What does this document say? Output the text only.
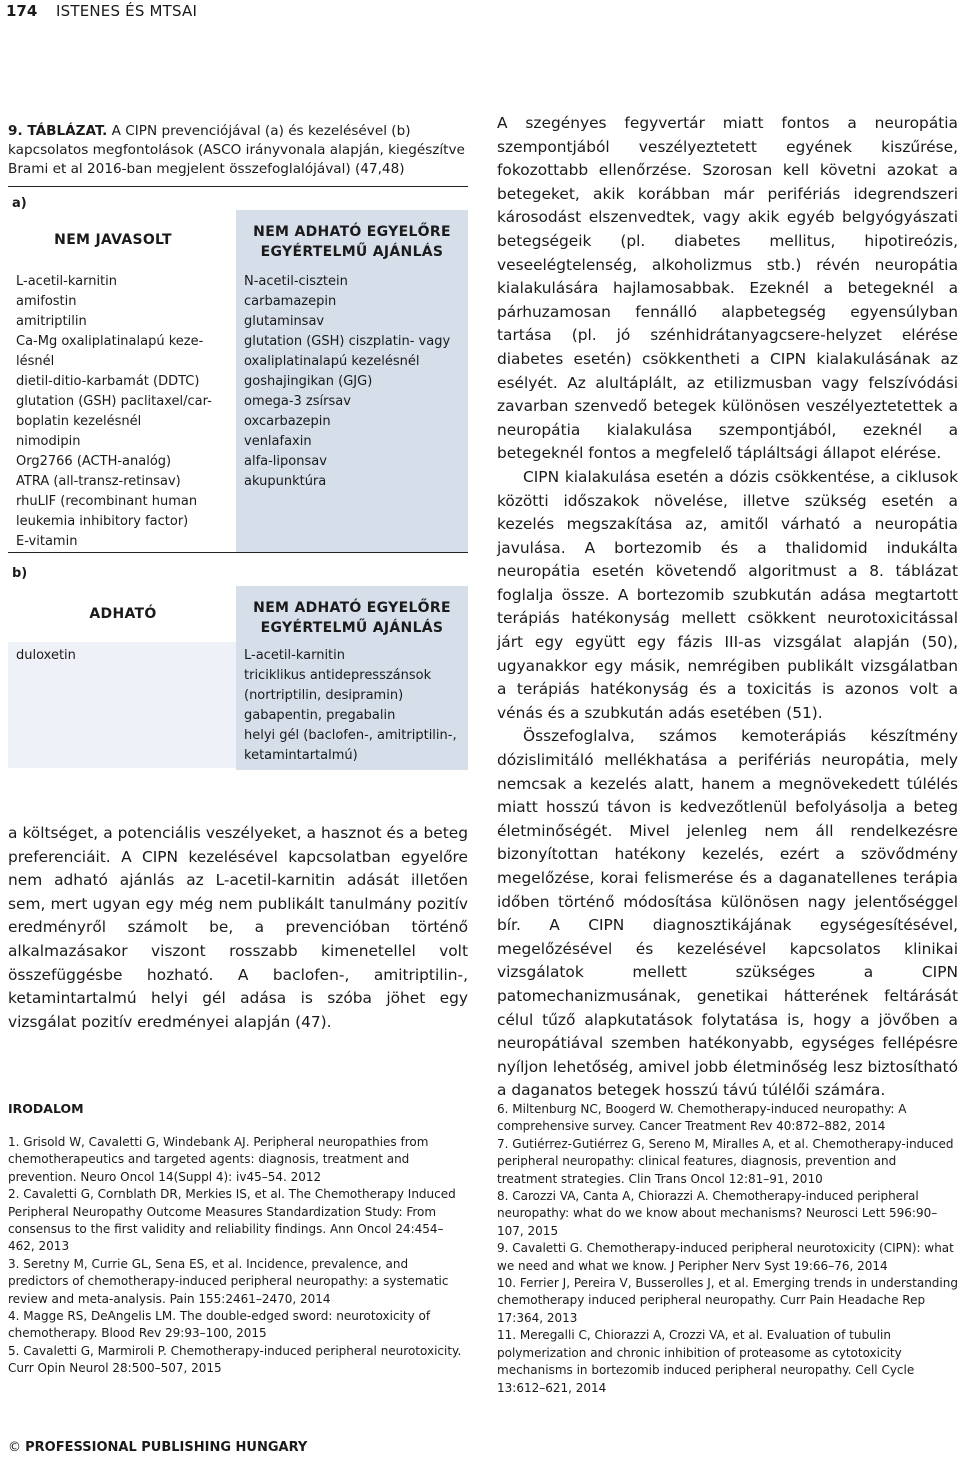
174 ISTENES ÉS MTSAI
9. TÁBLÁZAT. A CIPN prevenciójával (a) és kezelésével (b) kapcsolatos megfontolások (ASCO irányvonala alapján, kiegészítve Brami et al 2016-ban megjelent összefoglalójával) (47,48)
a)
NEM JAVASOLT
L-acetil-karnitin
amifostin
amitriptilin
Ca-Mg oxaliplatinalapú keze-
lésnél
dietil-ditio-karbamát (DDTC)
glutation (GSH) paclitaxel/car-
boplatin kezelésnél
nimodipin
Org2766 (ACTH-analóg)
ATRA (all-transz-retinsav)
rhuLIF (recombinant human
leukemia inhibitory factor)
E-vitamin
NEM ADHATÓ EGYELŐRE EGYÉRTELMŰ AJÁNLÁS
N-acetil-cisztein
carbamazepin
glutaminsav
glutation (GSH) ciszplatin- vagy
oxaliplatinalapú kezelésnél
goshajingikan (GJG)
omega-3 zsírsav
oxcarbazepin
venlafaxin
alfa-liponsav
akupunktúra
b)
ADHATÓ
duloxetin
NEM ADHATÓ EGYELŐRE EGYÉRTELMŰ AJÁNLÁS
L-acetil-karnitin
triciklikus antidepresszánsok
(nortriptilin, desipramin)
gabapentin, pregabalin
helyi gél (baclofen-, amitriptilin-,
ketamintartalmú)

a költséget, a potenciális veszélyeket, a hasznot és a beteg preferenciáit. A CIPN kezelésével kapcsolatban egyelőre nem adható ajánlás az L-acetil-karnitin adását illetően sem, mert ugyan egy még nem publikált tanulmány pozitív eredményről számolt be, a prevencióban történő alkalmazásakor viszont rosszabb kimenetellel volt összefüggésbe hozható. A baclofen-, amitriptilin-, ketamintartalmú helyi gél adása is szóba jöhet egy vizsgálat pozitív eredményei alapján (47).

A szegényes fegyvertár miatt fontos a neuropátia szempontjából veszélyeztetett egyének kiszűrése, fokozottabb ellenőrzése. Szorosan kell követni azokat a betegeket, akik korábban már perifériás idegrendszeri károsodást elszenvedtek, vagy akik egyéb belgyógyászati betegségeik (pl. diabetes mellitus, hipotireózis, veseelégtelenség, alkoholizmus stb.) révén neuropátia kialakulására hajlamosabbak. Ezeknél a betegeknél a párhuzamosan fennálló alapbetegség egyensúlyban tartása (pl. jó szénhidrátanyagcsere-helyzet elérése diabetes esetén) csökkentheti a CIPN kialakulásának az esélyét. Az alultáplált, az etilizmusban vagy felszívódási zavarban szenvedő betegek különösen veszélyeztetettek a neuropátia kialakulása szempontjából, ezeknél a betegeknél fontos a megfelelő tápláltsági állapot elérése.

CIPN kialakulása esetén a dózis csökkentése, a ciklusok közötti időszakok növelése, illetve szükség esetén a kezelés megszakítása az, amitől várható a neuropátia javulása. A bortezomib és a thalidomid indukálta neuropátia esetén követendő algoritmust a 8. táblázat foglalja össze. A bortezomib szubkután adása megtartott terápiás hatékonyság mellett csökkent neurotoxicitással járt egy együtt egy fázis III-as vizsgálat alapján (50), ugyanakkor egy másik, nemrégiben publikált vizsgálatban a terápiás hatékonyság és a toxicitás is azonos volt a vénás és a szubkután adás esetében (51).

Összefoglalva, számos kemoterápiás készítmény dózislimitáló mellékhatása a perifériás neuropátia, mely nemcsak a kezelés alatt, hanem a megnövekedett túlélés miatt hosszú távon is kedvezőtlenül befolyásolja a beteg életminőségét. Mivel jelenleg nem áll rendelkezésre bizonyítottan hatékony kezelés, ezért a szövődmény megelőzése, korai felismerése és a daganatellenes terápia időben történő módosítása különösen nagy jelentőséggel bír. A CIPN diagnosztikájának egységesítésével, megelőzésével és kezelésével kapcsolatos klinikai vizsgálatok mellett szükséges a CIPN patomechanizmusának, genetikai hátterének feltárását célul tűző alapkutatások folytatása is, hogy a jövőben a neuropátiával szemben hatékonyabb, egységes fellépésre nyíljon lehetőség, amivel jobb életminőség lesz biztosítható a daganatos betegek hosszú távú túlélői számára.

IRODALOM
1. Grisold W, Cavaletti G, Windebank AJ. Peripheral neuropathies from chemotherapeutics and targeted agents: diagnosis, treatment and prevention. Neuro Oncol 14(Suppl 4): iv45–54. 2012
2. Cavaletti G, Cornblath DR, Merkies IS, et al. The Chemotherapy Induced Peripheral Neuropathy Outcome Measures Standardization Study: From consensus to the first validity and reliability findings. Ann Oncol 24:454–462, 2013
3. Seretny M, Currie GL, Sena ES, et al. Incidence, prevalence, and predictors of chemotherapy-induced peripheral neuropathy: a systematic review and meta-analysis. Pain 155:2461–2470, 2014
4. Magge RS, DeAngelis LM. The double-edged sword: neurotoxicity of chemotherapy. Blood Rev 29:93–100, 2015
5. Cavaletti G, Marmiroli P. Chemotherapy-induced peripheral neurotoxicity. Curr Opin Neurol 28:500–507, 2015
6. Miltenburg NC, Boogerd W. Chemotherapy-induced neuropathy: A comprehensive survey. Cancer Treatment Rev 40:872–882, 2014
7. Gutiérrez-Gutiérrez G, Sereno M, Miralles A, et al. Chemotherapy-induced peripheral neuropathy: clinical features, diagnosis, prevention and treatment strategies. Clin Trans Oncol 12:81–91, 2010
8. Carozzi VA, Canta A, Chiorazzi A. Chemotherapy-induced peripheral neuropathy: what do we know about mechanisms? Neurosci Lett 596:90–107, 2015
9. Cavaletti G. Chemotherapy-induced peripheral neurotoxicity (CIPN): what we need and what we know. J Peripher Nerv Syst 19:66–76, 2014
10. Ferrier J, Pereira V, Busserolles J, et al. Emerging trends in understanding chemotherapy induced peripheral neuropathy. Curr Pain Headache Rep 17:364, 2013
11. Meregalli C, Chiorazzi A, Crozzi VA, et al. Evaluation of tubulin polymerization and chronic inhibition of proteasome as cytotoxicity mechanisms in bortezomib induced peripheral neuropathy. Cell Cycle 13:612–621, 2014
© PROFESSIONAL PUBLISHING HUNGARY
